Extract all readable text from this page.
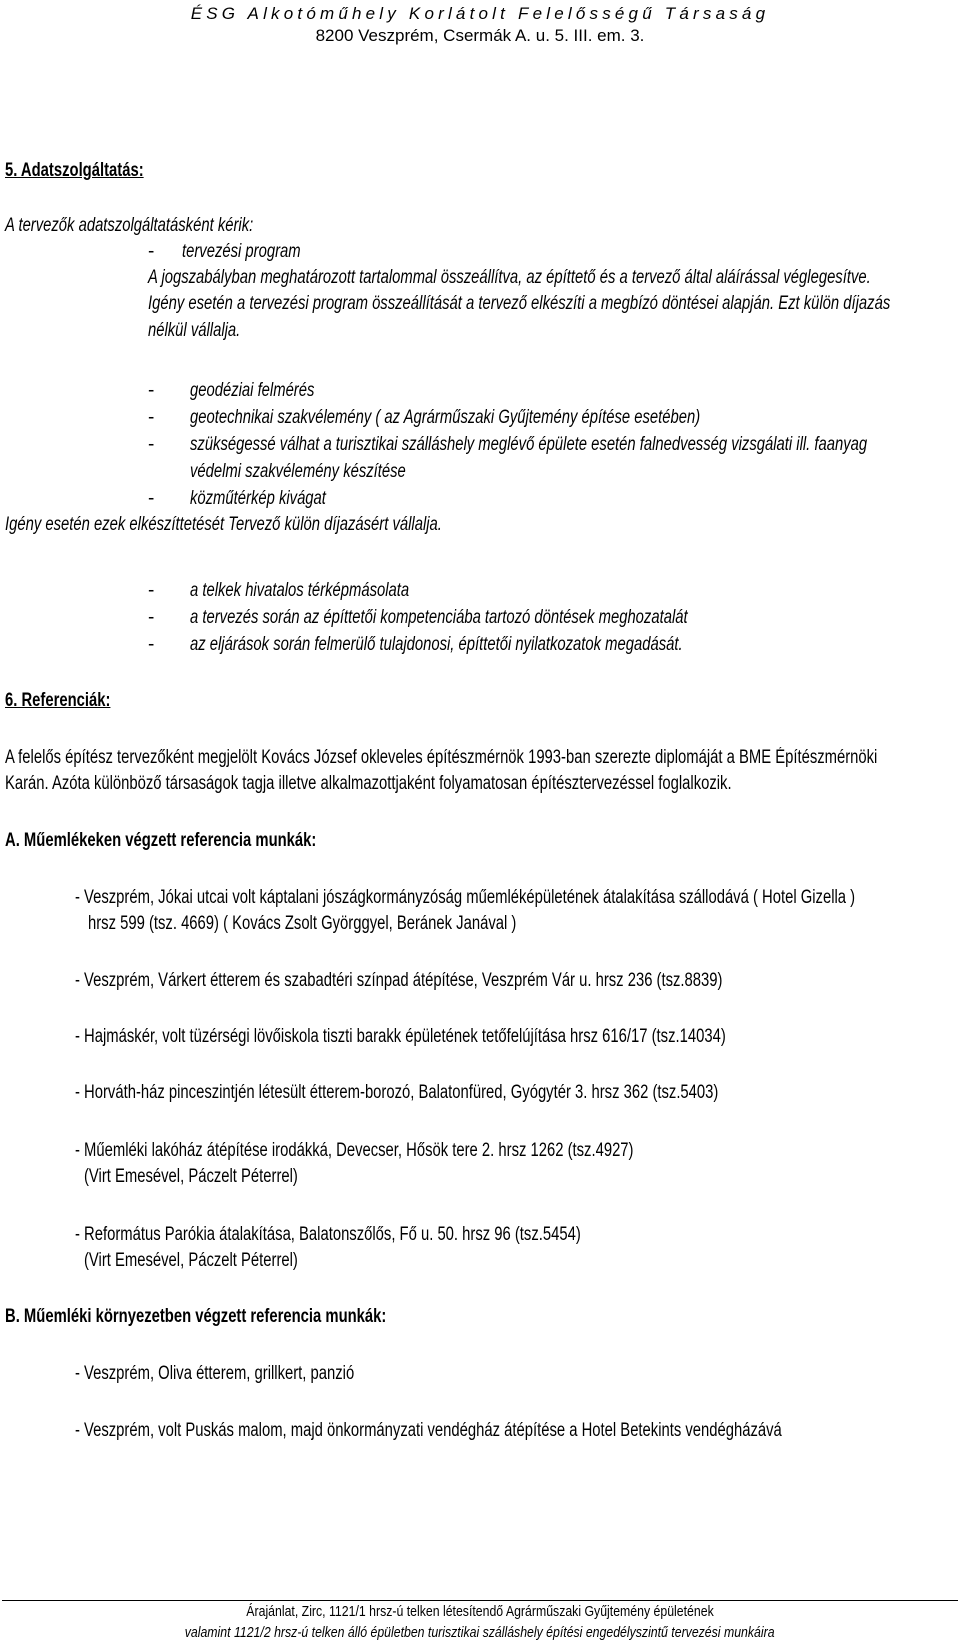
ÉSG Alkotóműhely Korlátolt Felelősségű Társaság
8200 Veszprém, Csermák A. u. 5. III. em. 3.
5. Adatszolgáltatás:
A tervezők adatszolgáltatásként kérik:
- tervezési program
A jogszabályban meghatározott tartalommal összeállítva, az építtető és a tervező által aláírással véglegesítve.
Igény esetén a tervezési program összeállítását a tervező elkészíti a megbízó döntései alapján. Ezt külön díjazás
nélkül vállalja.
- geodéziai felmérés
- geotechnikai szakvélemény ( az Agrárműszaki Gyűjtemény építése esetében)
- szükségessé válhat a turisztikai szálláshely meglévő épülete esetén falnedvesség vizsgálati ill. faanyag
védelmi szakvélemény készítése
- közműtérkép kivágat
Igény esetén ezek elkészíttetését Tervező külön díjazásért vállalja.
- a telkek hivatalos térképmásolata
- a tervezés során az építtetői kompetenciába tartozó döntések meghozatalát
- az eljárások során felmerülő tulajdonosi, építtetői nyilatkozatok megadását.
6. Referenciák:
A felelős építész tervezőként megjelölt Kovács József okleveles építészmérnök 1993-ban szerezte diplomáját a BME Építészmérnöki
Karán. Azóta különböző társaságok tagja illetve alkalmazottjaként folyamatosan építésztervezéssel foglalkozik.
A. Műemlékeken végzett referencia munkák:
- Veszprém, Jókai utcai volt káptalani jószágkormányzóság műemléképületének átalakítása szállodává ( Hotel Gizella )
hrsz 599 (tsz. 4669) ( Kovács Zsolt Györggyel, Beránek Janával )
- Veszprém, Várkert étterem és szabadtéri színpad átépítése, Veszprém Vár u. hrsz 236 (tsz.8839)
- Hajmáskér, volt tüzérségi lövőiskola tiszti barakk épületének tetőfelújítása hrsz 616/17 (tsz.14034)
- Horváth-ház pinceszintjén létesült étterem-borozó, Balatonfüred, Gyógytér 3. hrsz 362 (tsz.5403)
- Műemléki lakóház átépítése irodákká, Devecser, Hősök tere 2. hrsz 1262 (tsz.4927)
(Virt Emesével, Páczelt Péterrel)
- Református Parókia átalakítása, Balatonszőlős, Fő u. 50. hrsz 96 (tsz.5454)
(Virt Emesével, Páczelt Péterrel)
B. Műemléki környezetben végzett referencia munkák:
- Veszprém, Oliva étterem, grillkert, panzió
- Veszprém, volt Puskás malom, majd önkormányzati vendégház átépítése a Hotel Betekints vendégházává
Árajánlat, Zirc, 1121/1 hrsz-ú telken létesítendő Agrárműszaki Gyűjtemény épületének
valamint 1121/2 hrsz-ú telken álló épületben turisztikai szálláshely építési engedélyszintű tervezési munkáira
